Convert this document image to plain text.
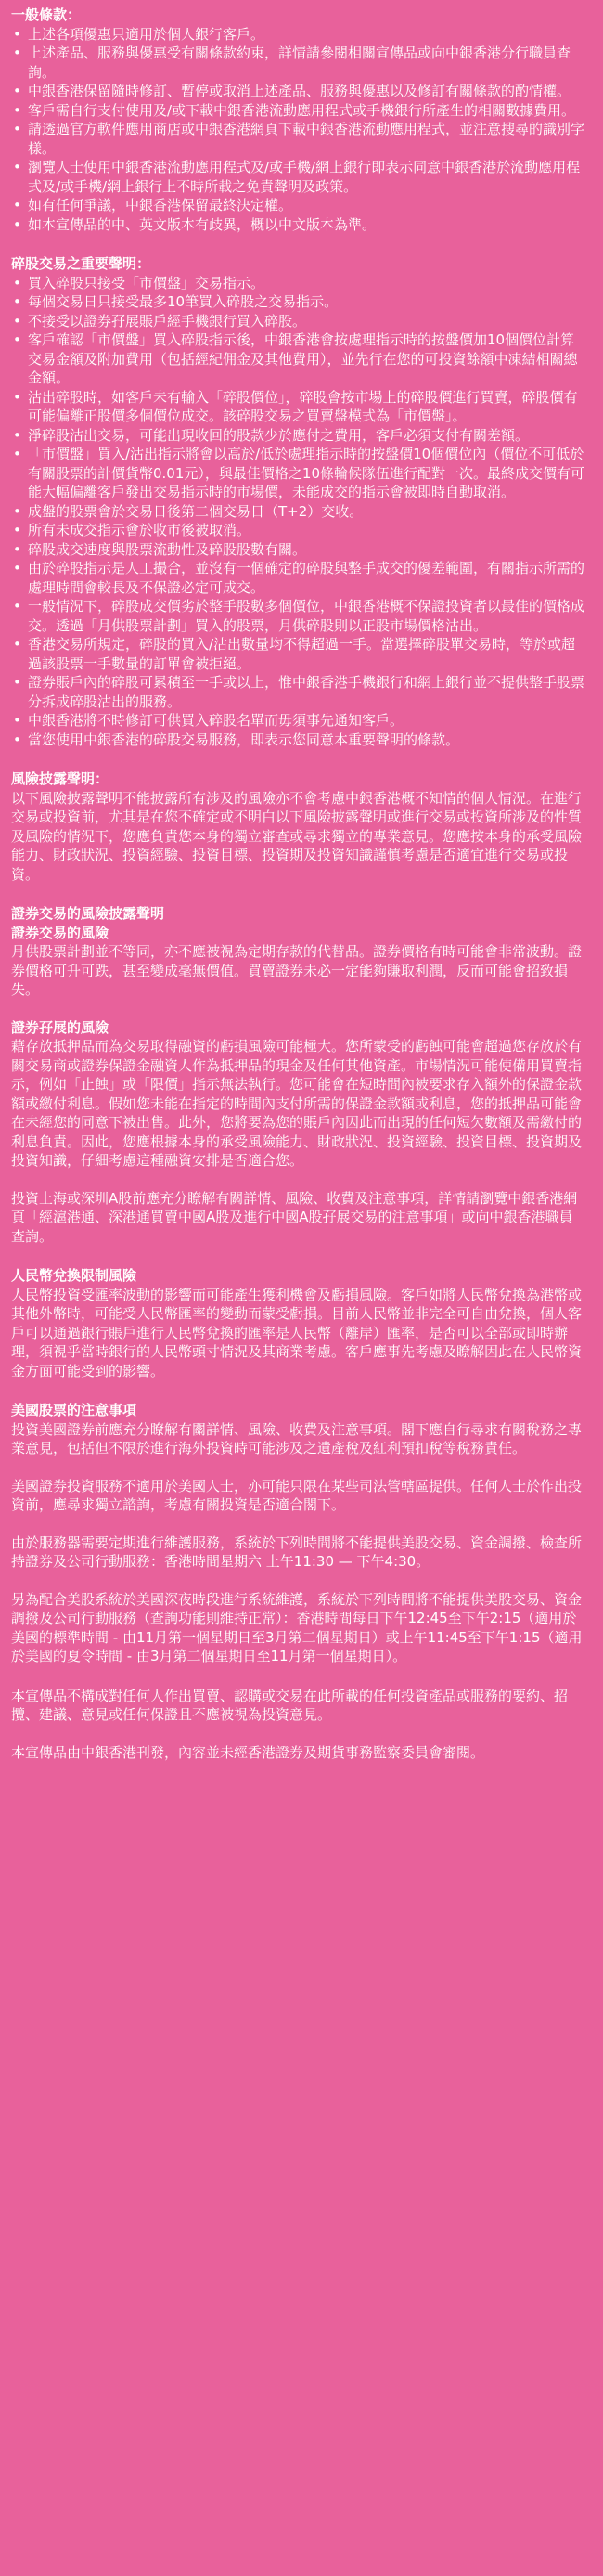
一般條款：

• 上述各項優惠只適用於個人銀行客戶。
• 上述產品、服務與優惠受有關條款約束，詳情請參閱相關宣傳品或向中銀香港分行職員查詢。
• 中銀香港保留隨時修訂、暫停或取消上述產品、服務與優惠以及修訂有關條款的酌情權。
• 客戶需自行支付使用及/或下載中銀香港流動應用程式或手機銀行所產生的相關數據費用。
• 請透過官方軟件應用商店或中銀香港網頁下載中銀香港流動應用程式，並注意搜尋的識別字樣。
• 瀏覽人士使用中銀香港流動應用程式及/或手機/網上銀行即表示同意中銀香港於流動應用程式及/或手機/網上銀行上不時所載之免責聲明及政策。
• 如有任何爭議，中銀香港保留最終決定權。
• 如本宣傳品的中、英文版本有歧異，概以中文版本為準。

碎股交易之重要聲明：

• 買入碎股只接受「市價盤」交易指示。
• 每個交易日只接受最多10筆買入碎股之交易指示。
• 不接受以證券孖展賬戶經手機銀行買入碎股。
• 客戶確認「市價盤」買入碎股指示後，中銀香港會按處理指示時的按盤價加10個價位計算交易金額及附加費用（包括經紀佣金及其他費用），並先行在您的可投資餘額中凍結相關總金額。
• 沽出碎股時，如客戶未有輸入「碎股價位」，碎股會按市場上的碎股價進行買賣，碎股價有可能偏離正股價多個價位成交。該碎股交易之買賣盤模式為「市價盤」。
• 淨碎股沽出交易，可能出現收回的股款少於應付之費用，客戶必須支付有關差額。
• 「市價盤」買入/沽出指示將會以高於/低於處理指示時的按盤價10個價位內（價位不可低於有關股票的計價貨幣0.01元），與最佳價格之10條輪候隊伍進行配對一次。最終成交價有可能大幅偏離客戶發出交易指示時的市場價，未能成交的指示會被即時自動取消。
• 成盤的股票會於交易日後第二個交易日（T+2）交收。
• 所有未成交指示會於收市後被取消。
• 碎股成交速度與股票流動性及碎股股數有關。
• 由於碎股指示是人工撮合，並沒有一個確定的碎股與整手成交的優差範圍，有關指示所需的處理時間會較長及不保證必定可成交。
• 一般情況下，碎股成交價劣於整手股數多個價位，中銀香港概不保證投資者以最佳的價格成交。透過「月供股票計劃」買入的股票，月供碎股則以正股市場價格沽出。
• 香港交易所規定，碎股的買入/沽出數量均不得超過一手。當選擇碎股單交易時，等於或超過該股票一手數量的訂單會被拒絕。
• 證券賬戶內的碎股可累積至一手或以上，惟中銀香港手機銀行和網上銀行並不提供整手股票分拆成碎股沽出的服務。
• 中銀香港將不時修訂可供買入碎股名單而毋須事先通知客戶。
• 當您使用中銀香港的碎股交易服務，即表示您同意本重要聲明的條款。

風險披露聲明：

以下風險披露聲明不能披露所有涉及的風險亦不會考慮中銀香港概不知情的個人情況。在進行交易或投資前，尤其是在您不確定或不明白以下風險披露聲明或進行交易或投資所涉及的性質及風險的情況下，您應負責您本身的獨立審查或尋求獨立的專業意見。您應按本身的承受風險能力、財政狀況、投資經驗、投資目標、投資期及投資知識謹慎考慮是否適宜進行交易或投資。

證券交易的風險披露聲明

證券交易的風險

月供股票計劃並不等同，亦不應被視為定期存款的代替品。證券價格有時可能會非常波動。證券價格可升可跌，甚至變成毫無價值。買賣證券未必一定能夠賺取利潤，反而可能會招致損失。

證券孖展的風險

藉存放抵押品而為交易取得融資的虧損風險可能極大。您所蒙受的虧蝕可能會超過您存放於有關交易商或證券保證金融資人作為抵押品的現金及任何其他資產。市場情況可能使備用買賣指示，例如「止蝕」或「限價」指示無法執行。您可能會在短時間內被要求存入額外的保證金款額或繳付利息。假如您未能在指定的時間內支付所需的保證金款額或利息，您的抵押品可能會在未經您的同意下被出售。此外，您將要為您的賬戶內因此而出現的任何短欠數額及需繳付的利息負責。因此，您應根據本身的承受風險能力、財政狀況、投資經驗、投資目標、投資期及投資知識，仔細考慮這種融資安排是否適合您。

投資上海或深圳A股前應充分瞭解有關詳情、風險、收費及注意事項，詳情請瀏覽中銀香港網頁「經滬港通、深港通買賣中國A股及進行中國A股孖展交易的注意事項」或向中銀香港職員查詢。

人民幣兌換限制風險

人民幣投資受匯率波動的影響而可能產生獲利機會及虧損風險。客戶如將人民幣兌換為港幣或其他外幣時，可能受人民幣匯率的變動而蒙受虧損。目前人民幣並非完全可自由兌換，個人客戶可以通過銀行賬戶進行人民幣兌換的匯率是人民幣（離岸）匯率，是否可以全部或即時辦理，須視乎當時銀行的人民幣頭寸情況及其商業考慮。客戶應事先考慮及瞭解因此在人民幣資金方面可能受到的影響。

美國股票的注意事項

投資美國證券前應充分瞭解有關詳情、風險、收費及注意事項。閣下應自行尋求有關稅務之專業意見，包括但不限於進行海外投資時可能涉及之遺產稅及紅利預扣稅等稅務責任。

美國證券投資服務不適用於美國人士，亦可能只限在某些司法管轄區提供。任何人士於作出投資前，應尋求獨立諮詢，考慮有關投資是否適合閣下。

由於服務器需要定期進行維護服務，系統於下列時間將不能提供美股交易、資金調撥、檢查所持證券及公司行動服務：香港時間星期六 上午11:30 — 下午4:30。

另為配合美股系統於美國深夜時段進行系統維護，系統於下列時間將不能提供美股交易、資金調撥及公司行動服務（查詢功能則維持正常）：香港時間每日下午12:45至下午2:15（適用於美國的標準時間 - 由11月第一個星期日至3月第二個星期日）或上午11:45至下午1:15（適用於美國的夏令時間 - 由3月第二個星期日至11月第一個星期日）。

本宣傳品不構成對任何人作出買賣、認購或交易在此所載的任何投資產品或服務的要約、招攬、建議、意見或任何保證且不應被視為投資意見。

本宣傳品由中銀香港刊發，內容並未經香港證券及期貨事務監察委員會審閱。
